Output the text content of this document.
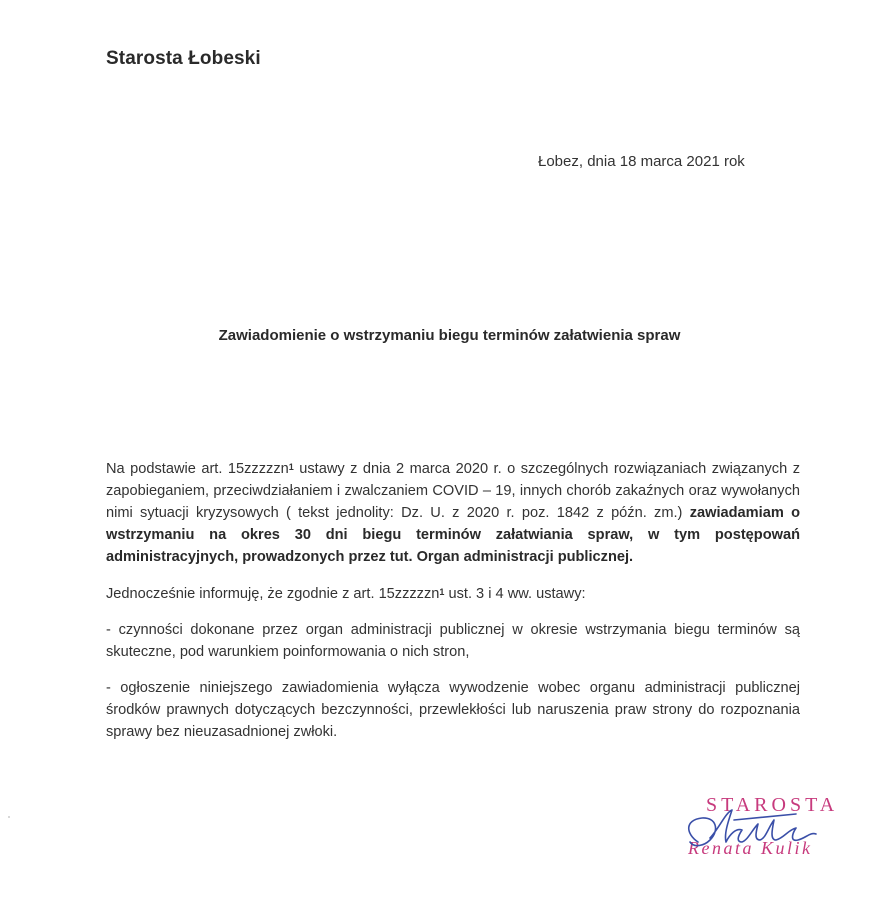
Starosta Łobeski
Łobez, dnia 18 marca 2021 rok
Zawiadomienie o wstrzymaniu biegu terminów załatwienia spraw

Na podstawie art. 15zzzzzn$^1$ ustawy z dnia 2 marca 2020 r. o szczególnych rozwiązaniach związanych z zapobieganiem, przeciwdziałaniem i zwalczaniem COVID – 19, innych chorób zakaźnych oraz wywołanych nimi sytuacji kryzysowych ( tekst jednolity: Dz. U. z 2020 r. poz. 1842 z późn. zm.) zawiadamiam o wstrzymaniu na okres 30 dni biegu terminów załatwiania spraw, w tym postępowań administracyjnych, prowadzonych przez tut. Organ administracji publicznej.

Jednocześnie informuję, że zgodnie z art. 15zzzzzn$^1$ ust. 3 i 4 ww. ustawy:

- czynności dokonane przez organ administracji publicznej w okresie wstrzymania biegu terminów są skuteczne, pod warunkiem poinformowania o nich stron,

- ogłoszenie niniejszego zawiadomienia wyłącza wywodzenie wobec organu administracji publicznej środków prawnych dotyczących bezczynności, przewlekłości lub naruszenia praw strony do rozpoznania sprawy bez nieuzasadnionej zwłoki.

STAROSTA
Renata Kulik
